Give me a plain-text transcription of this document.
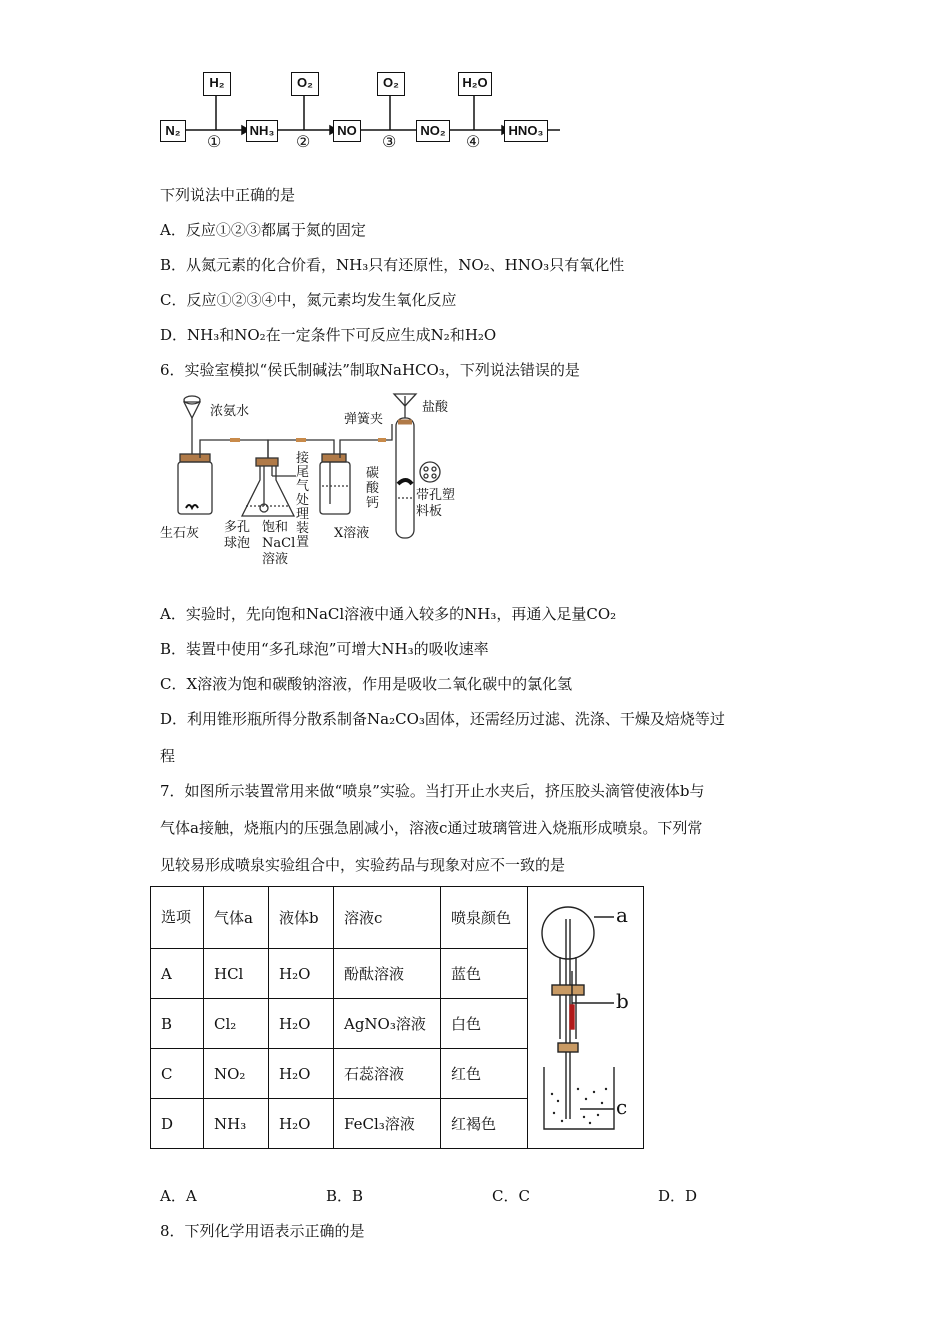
N₂	NH₃	NO	NO₂	HNO₃
H₂	O₂	O₂	H₂O
①	②	③	④
下列说法中正确的是
A．反应①②③都属于氮的固定
B．从氮元素的化合价看，NH₃只有还原性，NO₂、HNO₃只有氧化性
C．反应①②③④中，氮元素均发生氧化反应
D．NH₃和NO₂在一定条件下可反应生成N₂和H₂O
6．实验室模拟“侯氏制碱法”制取NaHCO₃，下列说法错误的是
浓氨水
生石灰 多孔
球泡
饱和
NaCl
溶液
接
尾
气
处
理
装
置
弹簧夹
X溶液
盐酸
碳
酸
钙
带孔塑
料板
A．实验时，先向饱和NaCl溶液中通入较多的NH₃，再通入足量CO₂
B．装置中使用“多孔球泡”可增大NH₃的吸收速率
C．X溶液为饱和碳酸钠溶液，作用是吸收二氧化碳中的氯化氢
D．利用锥形瓶所得分散系制备Na₂CO₃固体，还需经历过滤、洗涤、干燥及焙烧等过
程
7．如图所示装置常用来做“喷泉”实验。当打开止水夹后，挤压胶头滴管使液体b与
气体a接触，烧瓶内的压强急剧减小，溶液c通过玻璃管进入烧瓶形成喷泉。下列常
见较易形成喷泉实验组合中，实验药品与现象对应不一致的是
选项	气体a	液体b	溶液c	喷泉颜色	a
b
c

A	HCl	H₂O	酚酞溶液	蓝色	
B	Cl₂	H₂O	AgNO₃溶液	白色	
C	NO₂	H₂O	石蕊溶液	红色	
D	NH₃	H₂O	FeCl₃溶液	红褐色	
A．A	B．B	C．C	D．D
8．下列化学用语表示正确的是
